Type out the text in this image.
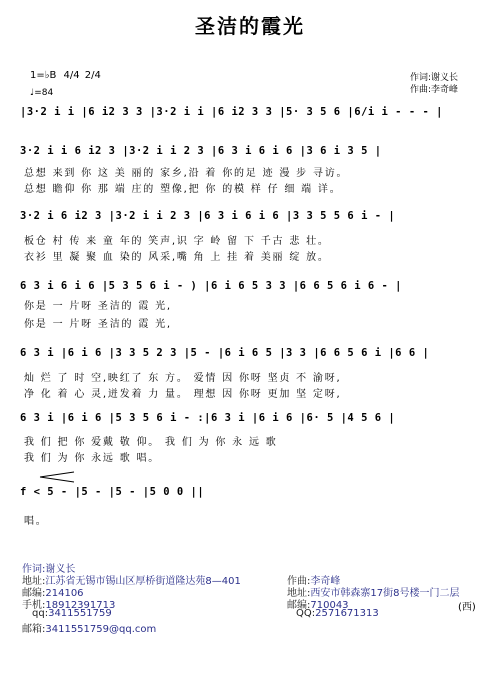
圣洁的霞光
1=♭B 4/4 2/4
♩=84
作词:谢义长
作曲:李奇峰
|3·2 i i |6 i2 3 3 |3·2 i i |6 i2 3 3 |5· 3 5 6 |6/i i - - - |
3·2 i i 6 i2 3 |3·2 i i 2 3 |6 3 i 6 i 6 |3 6 i 3 5 |
总想 来到 你 这 美 丽的 家乡,沿 着 你的足 迹 漫 步 寻访。
总想 瞻仰 你 那 端 庄的 塑像,把 你 的模 样 仔 细 端 详。
3·2 i 6 i2 3 |3·2 i i 2 3 |6 3 i 6 i 6 |3 3 5 5 6 i - |
板仓 村 传 来 童 年的 笑声,识 字 岭 留 下 千古 悲 壮。
衣衫 里 凝 聚 血 染的 风采,嘴 角 上 挂 着 美丽 绽 放。
6 3 i 6 i 6 |5 3 5 6 i - ) |6 i 6 5 3 3 |6 6 5 6 i 6 - |
你是 一 片呀 圣洁的 霞 光,
你是 一 片呀 圣洁的 霞 光,
6 3 i |6 i 6 |3 3 5 2 3 |5 - |6 i 6 5 |3 3 |6 6 5 6 i |6 6 |
灿 烂 了 时 空,映红了 东 方。 爱情 因 你呀 坚贞 不 渝呀,
净 化 着 心 灵,迸发着 力 量。 理想 因 你呀 更加 坚 定呀,
6 3 i |6 i 6 |5 3 5 6 i - :|6 3 i |6 i 6 |6· 5 |4 5 6 |
我 们 把 你 爱戴 敬 仰。 我 们 为 你 永 远 歌
我 们 为 你 永远 歌 唱。
f < 5 - |5 - |5 - |5 0 0 ||
唱。
作词:谢义长
地址:江苏省无锡市锡山区厚桥街道隆达苑8—401
邮编:214106
手机:18912391713
qq:3411551759
邮箱:3411551759@qq.com
作曲:李奇峰
地址:西安市韩森寨17街8号楼一门二层
邮编:710043
QQ:2571671313
(西)
